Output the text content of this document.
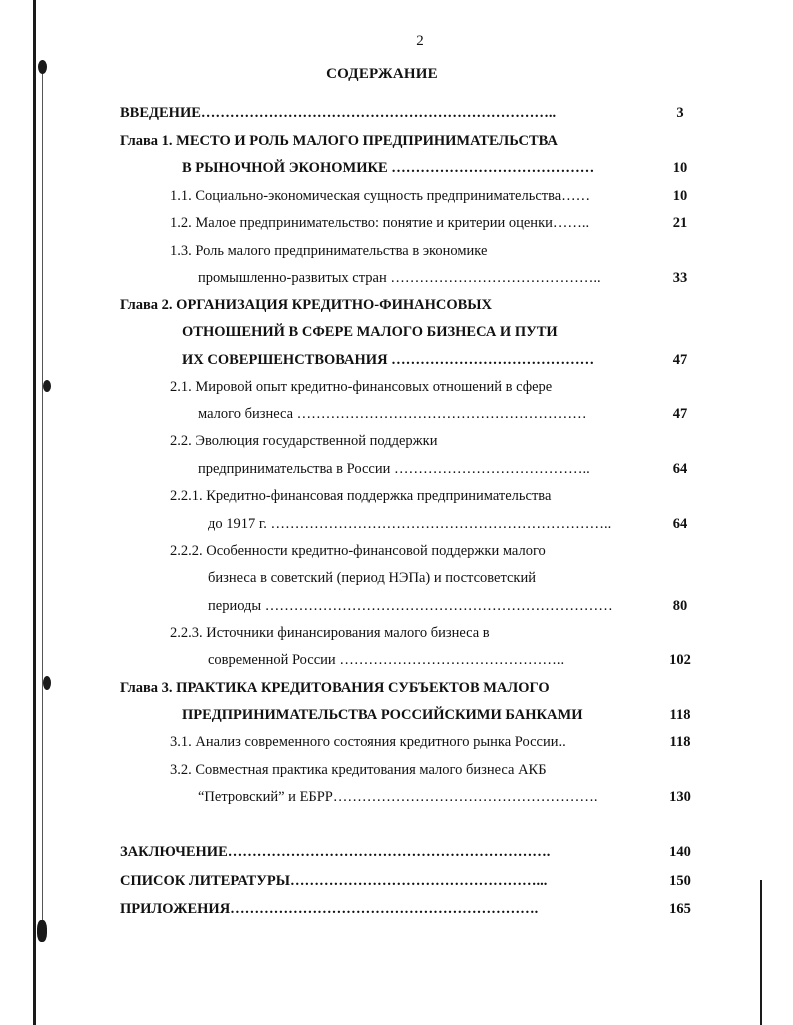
2
СОДЕРЖАНИЕ
ВВЕДЕНИЕ………………………………………………………………..	3
Глава 1. МЕСТО И РОЛЬ МАЛОГО ПРЕДПРИНИМАТЕЛЬСТВА
В РЫНОЧНОЙ ЭКОНОМИКЕ ……………………………………	10
1.1. Социально-экономическая сущность предпринимательства……	10
1.2. Малое предпринимательство: понятие и критерии оценки……..	21
1.3. Роль малого предпринимательства в экономике
промышленно-развитых стран ……………………………………..	33
Глава 2. ОРГАНИЗАЦИЯ КРЕДИТНО-ФИНАНСОВЫХ
ОТНОШЕНИЙ В СФЕРЕ МАЛОГО БИЗНЕСА И ПУТИ
ИХ СОВЕРШЕНСТВОВАНИЯ ……………………………………	47
2.1. Мировой опыт кредитно-финансовых отношений в сфере
малого бизнеса ……………………………………………………	47
2.2. Эволюция государственной поддержки
предпринимательства в России …………………………………..	64
2.2.1. Кредитно-финансовая поддержка предпринимательства
до 1917 г. ……………………………………………………………..	64
2.2.2. Особенности кредитно-финансовой поддержки малого
бизнеса в советский (период НЭПа) и постсоветский
периоды ………………………………………………………………	80
2.2.3. Источники финансирования малого бизнеса в
современной России ………………………………………..	102
Глава 3. ПРАКТИКА КРЕДИТОВАНИЯ СУБЪЕКТОВ МАЛОГО
ПРЕДПРИНИМАТЕЛЬСТВА РОССИЙСКИМИ БАНКАМИ	118
3.1. Анализ современного состояния кредитного рынка России..	118
3.2. Совместная практика кредитования малого бизнеса АКБ
“Петровский” и ЕБРР……………………………………………….	130
ЗАКЛЮЧЕНИЕ………………………………………………………….	140
СПИСОК ЛИТЕРАТУРЫ……………………………………………...	150
ПРИЛОЖЕНИЯ……………………………………………………….	165
